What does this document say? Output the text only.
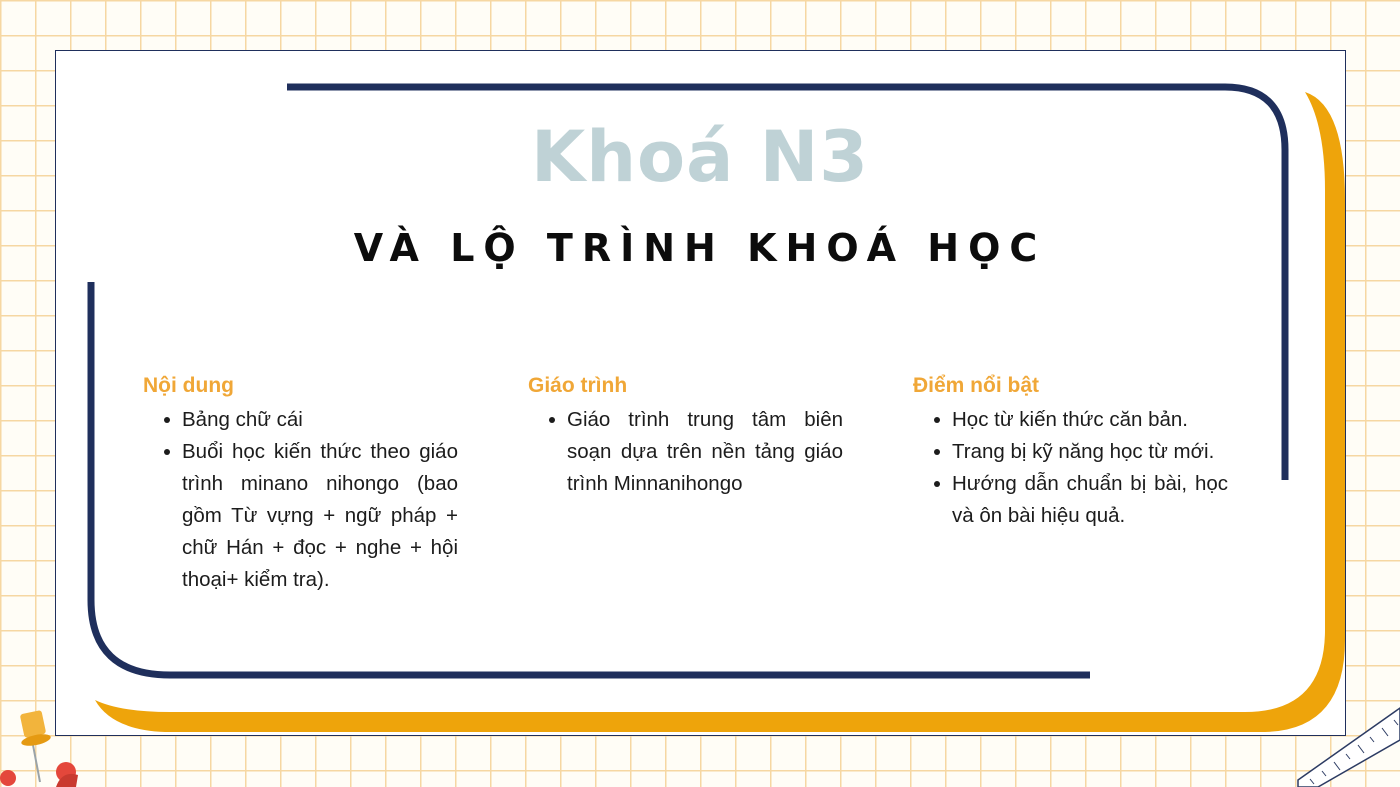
Khoá N3
VÀ LỘ TRÌNH KHOÁ HỌC
Nội dung
Bảng chữ cái
Buổi học kiến thức theo giáo trình minano nihongo (bao gồm Từ vựng + ngữ pháp + chữ Hán + đọc + nghe + hội thoại+ kiểm tra).
Giáo trình
Giáo trình trung tâm biên soạn dựa trên nền tảng giáo trình Minnanihongo
Điểm nổi bật
Học từ kiến thức căn bản.
Trang bị kỹ năng học từ mới.
Hướng dẫn chuẩn bị bài, học và ôn bài hiệu quả.
